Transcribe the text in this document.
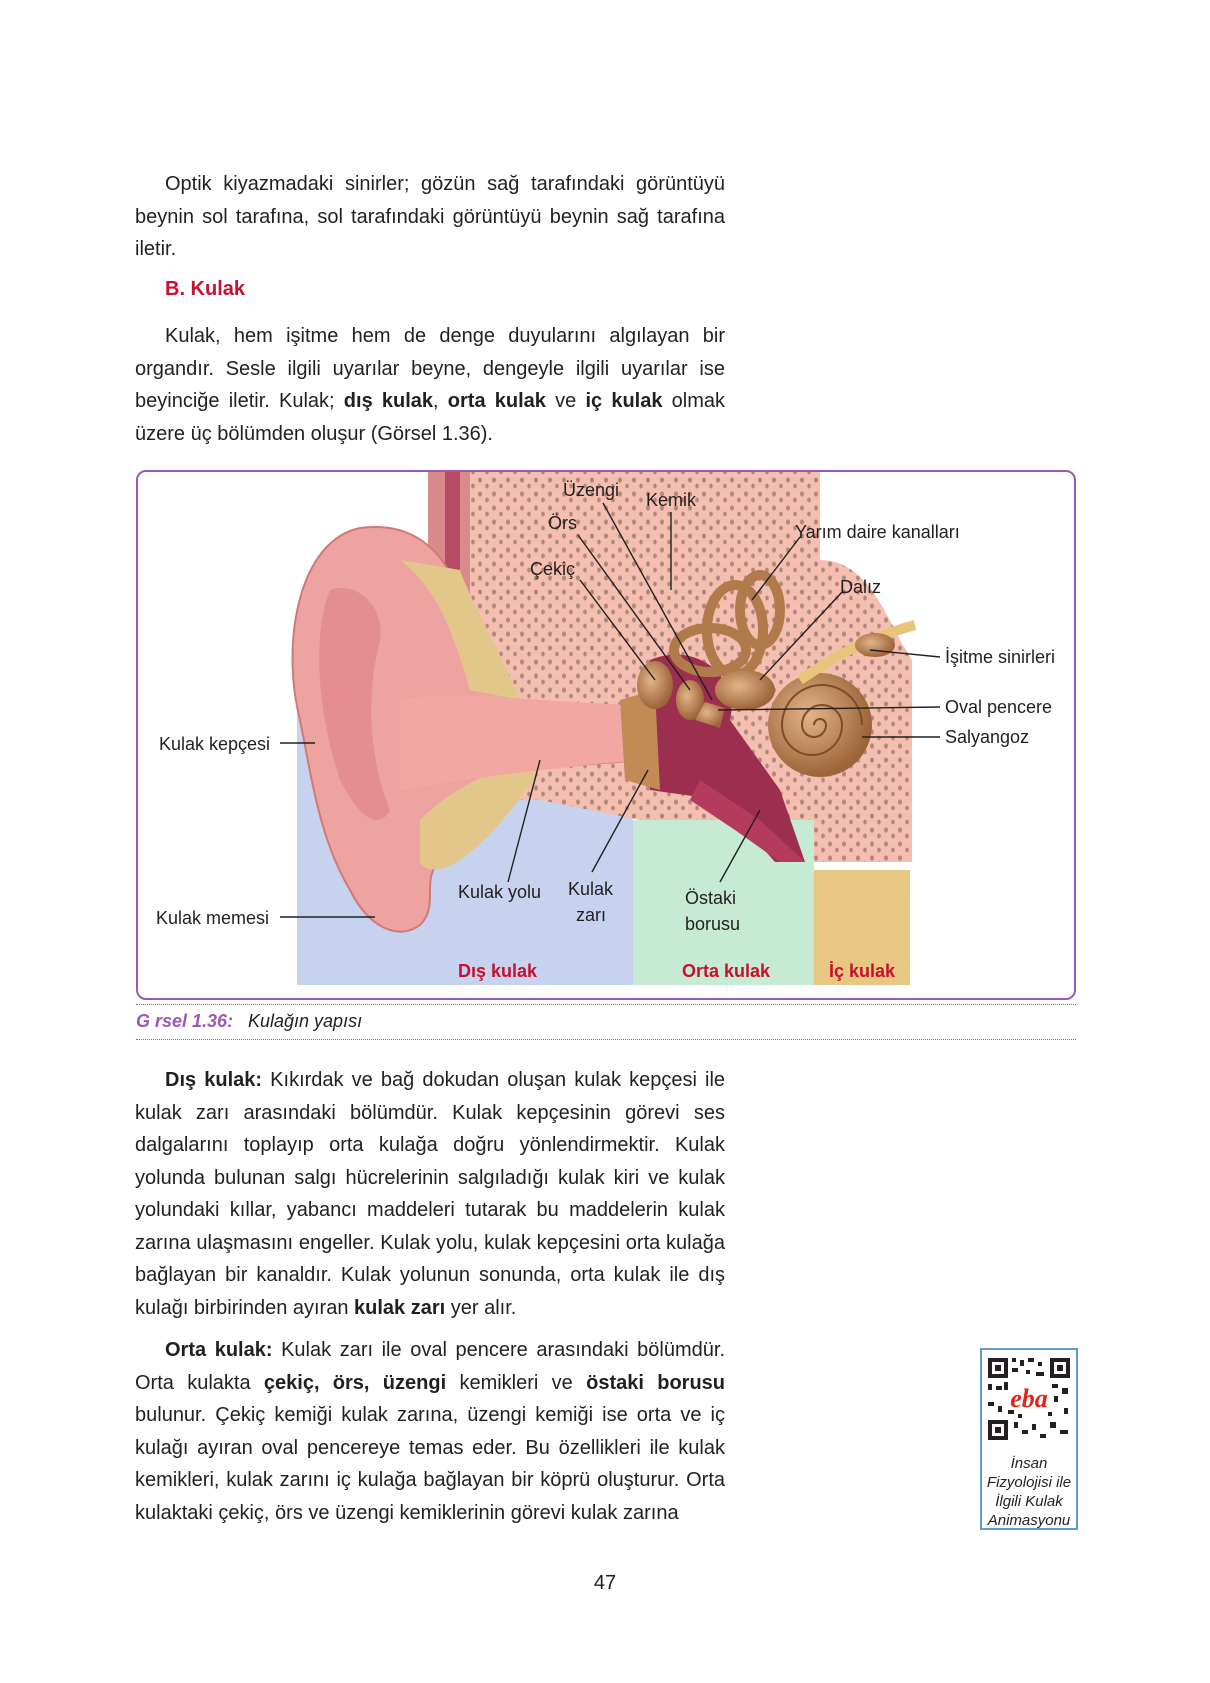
Optik kiyazmadaki sinirler; gözün sağ tarafındaki görüntüyü beynin sol tarafına, sol tarafındaki görüntüyü beynin sağ tarafına iletir.

B. Kulak

Kulak, hem işitme hem de denge duyularını algılayan bir organdır. Sesle ilgili uyarılar beyne, dengeyle ilgili uyarılar ise beyinciğe iletir. Kulak; dış kulak, orta kulak ve iç kulak olmak üzere üç bölümden oluşur (Görsel 1.36).

Üzengi Kemik
Örs	Yarım daire kanalları
Çekiç
Dalız
İşitme sinirleri
Oval pencere
Salyangoz
Kulak kepçesi
Kulak memesi
Kulak yolu Kulak
zarı
Östaki
borusu
Dış kulak	Orta kulak	İç kulak
G rsel 1.36: Kulağın yapısı

Dış kulak: Kıkırdak ve bağ dokudan oluşan kulak kepçesi ile kulak zarı arasındaki bölümdür. Kulak kepçesinin görevi ses dalgalarını toplayıp orta kulağa doğru yönlendirmektir. Kulak yolunda bulunan salgı hücrelerinin salgıladığı kulak kiri ve kulak yolundaki kıllar, yabancı maddeleri tutarak bu maddelerin kulak zarına ulaşmasını engeller. Kulak yolu, kulak kepçesini orta kulağa bağlayan bir kanaldır. Kulak yolunun sonunda, orta kulak ile dış kulağı birbirinden ayıran kulak zarı yer alır.

Orta kulak: Kulak zarı ile oval pencere arasındaki bölümdür. Orta kulakta çekiç, örs, üzengi kemikleri ve östaki borusu bulunur. Çekiç kemiği kulak zarına, üzengi kemiği ise orta ve iç kulağı ayıran oval pencereye temas eder. Bu özellikleri ile kulak kemikleri, kulak zarını iç kulağa bağlayan bir köprü oluşturur. Orta kulaktaki çekiç, örs ve üzengi kemiklerinin görevi kulak zarına

eba
İnsan Fizyolojisi ile İlgili Kulak Animasyonu
47
